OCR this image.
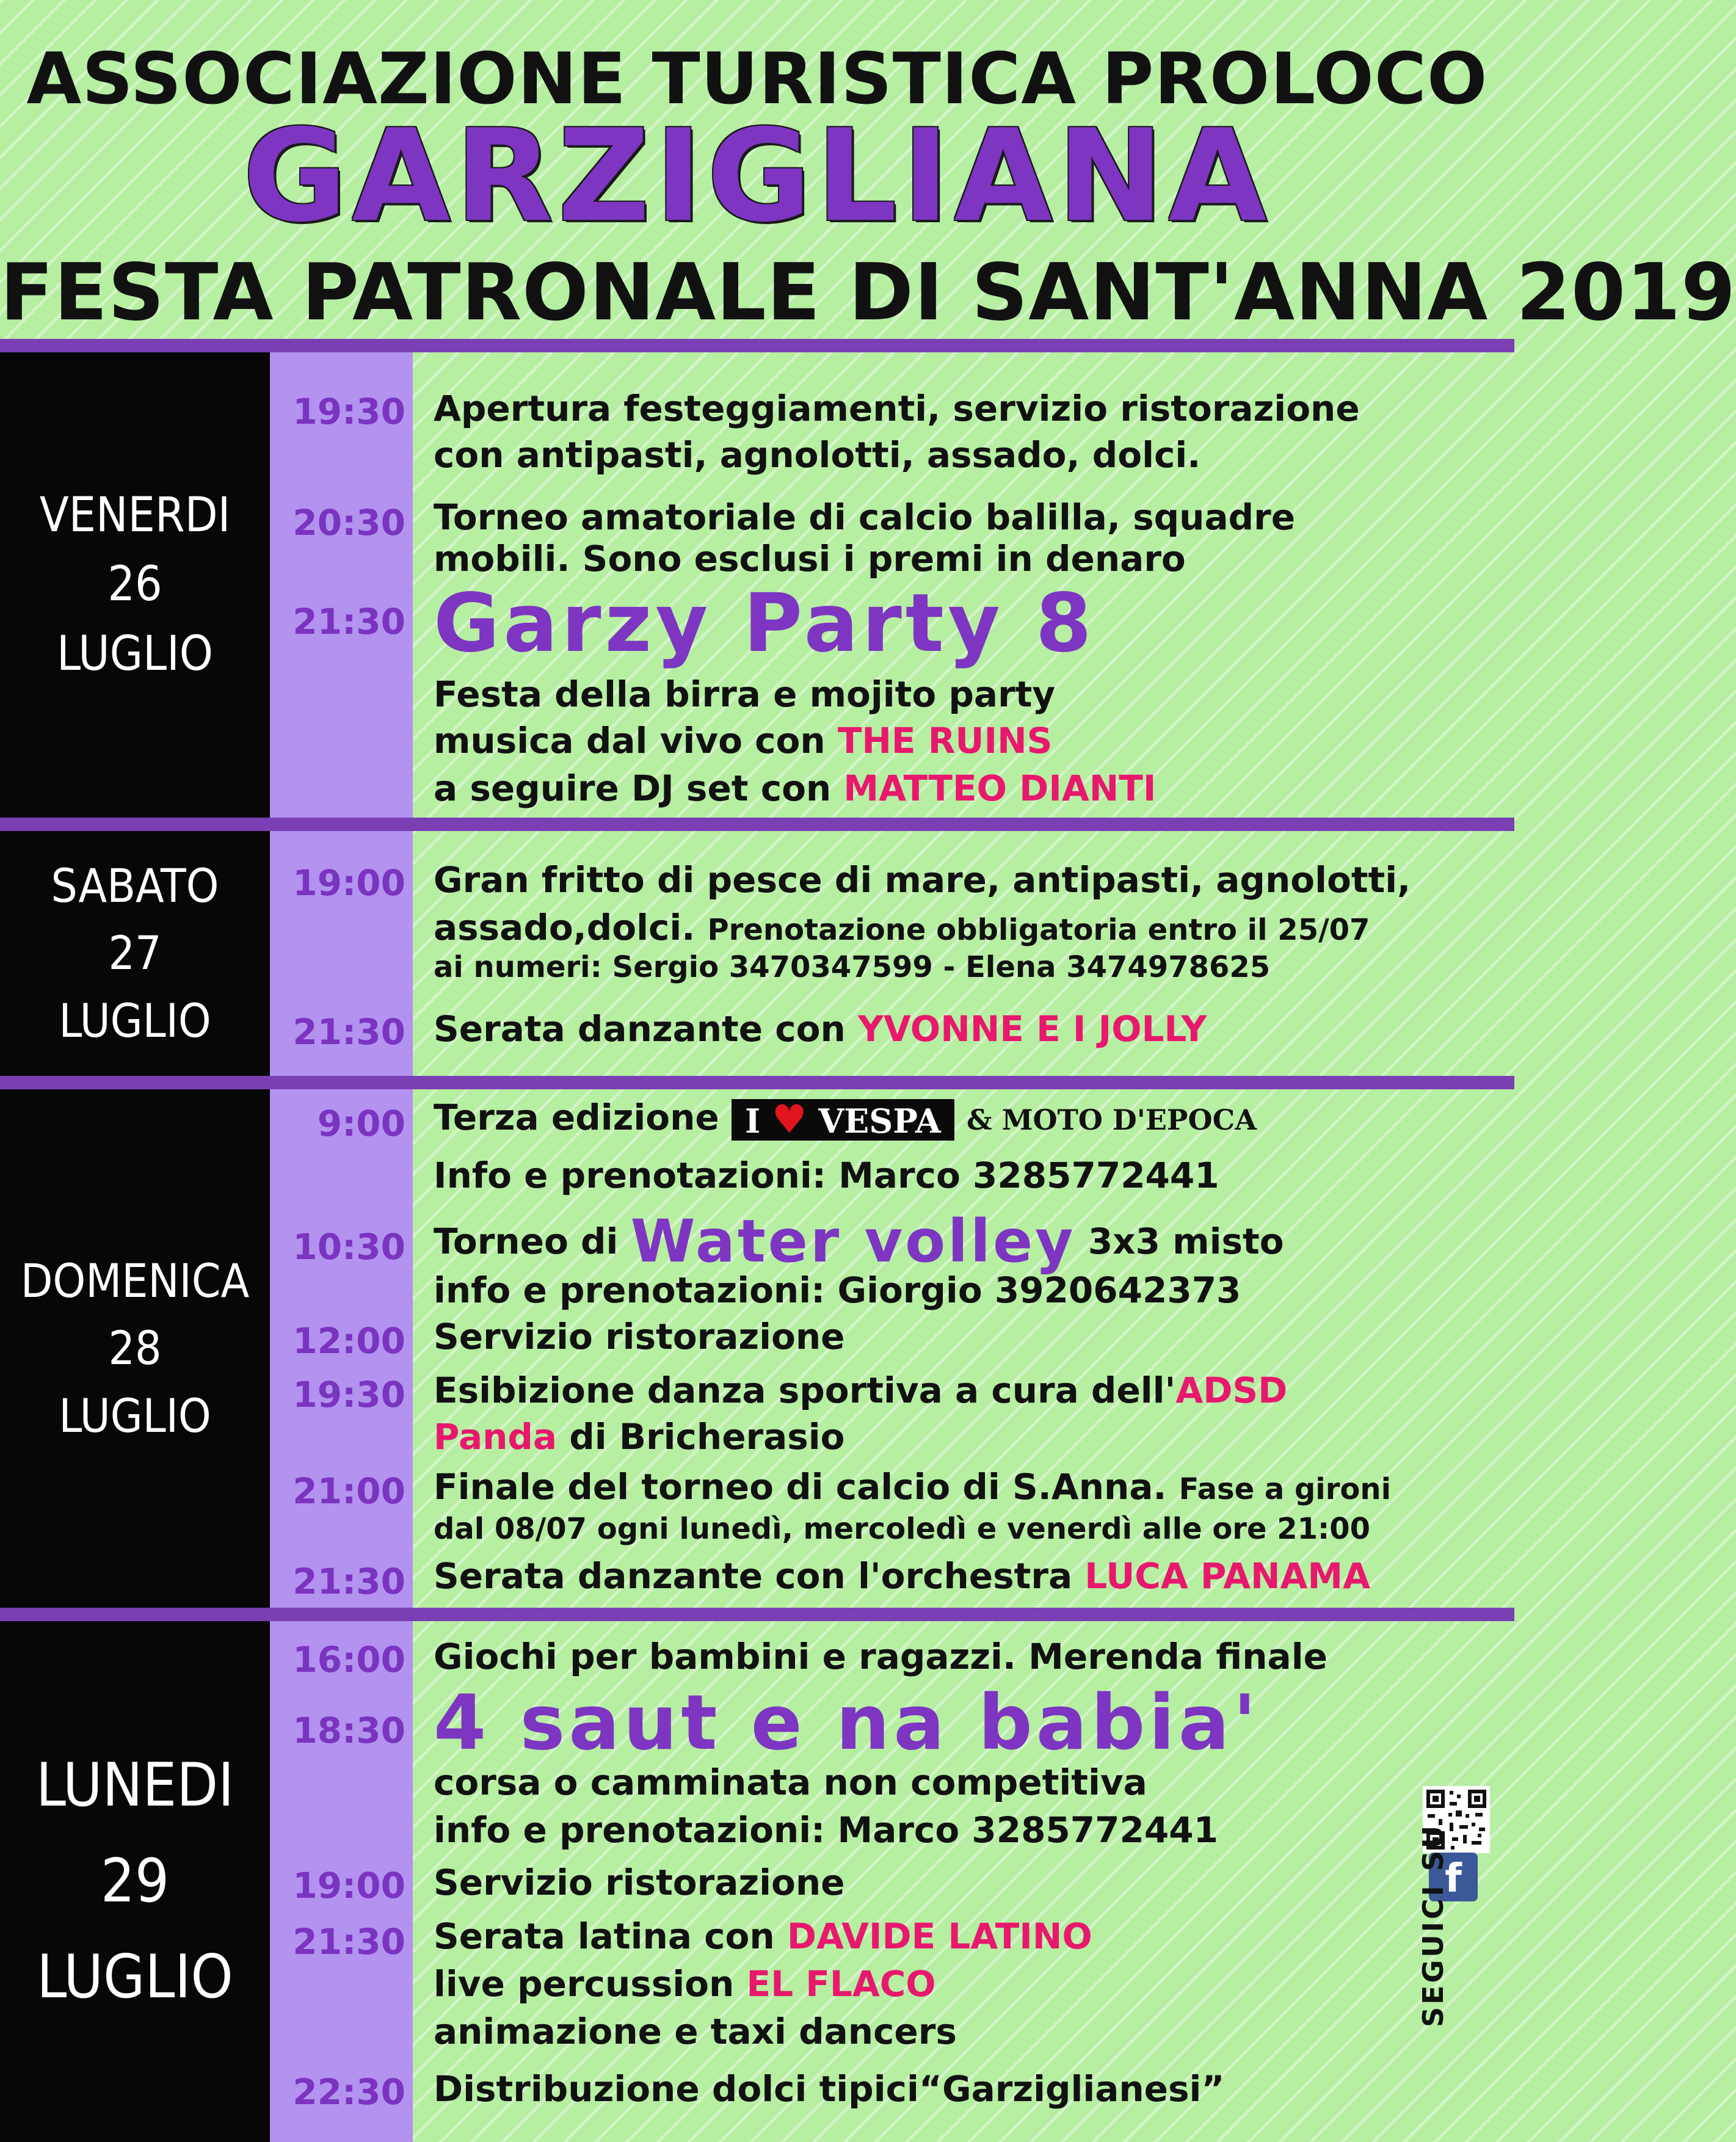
ASSOCIAZIONE TURISTICA PROLOCO
GARZIGLIANA
FESTA PATRONALE DI SANT'ANNA 2019
VENERDI
26
LUGLIO
SABATO
27
LUGLIO
DOMENICA
28
LUGLIO
LUNEDI
29
LUGLIO
19:30 Apertura festeggiamenti, servizio ristorazione
con antipasti, agnolotti, assado, dolci.
20:30 Torneo amatoriale di calcio balilla, squadre
mobili. Sono esclusi i premi in denaro
21:30 Garzy Party 8
Festa della birra e mojito party
musica dal vivo con THE RUINS
a seguire DJ set con MATTEO DIANTI
19:00 Gran fritto di pesce di mare, antipasti, agnolotti,
assado,dolci. Prenotazione obbligatoria entro il 25/07
ai numeri: Sergio 3470347599 - Elena 3474978625
21:30 Serata danzante con YVONNE E I JOLLY
9:00 Terza edizione I ♥ VESPA & MOTO D'EPOCA
Info e prenotazioni: Marco 3285772441
10:30 Torneo di Water volley 3x3 misto
info e prenotazioni: Giorgio 3920642373
12:00 Servizio ristorazione
19:30 Esibizione danza sportiva a cura dell'ADSD
Panda di Bricherasio
21:00 Finale del torneo di calcio di S.Anna. Fase a gironi
dal 08/07 ogni lunedì, mercoledì e venerdì alle ore 21:00
21:30 Serata danzante con l'orchestra LUCA PANAMA
16:00 Giochi per bambini e ragazzi. Merenda finale
18:30 4 saut e na babia'
corsa o camminata non competitiva
info e prenotazioni: Marco 3285772441
19:00 Servizio ristorazione
21:30 Serata latina con DAVIDE LATINO
live percussion EL FLACO
animazione e taxi dancers
22:30 Distribuzione dolci tipici“Garziglianesi”
f
SEGUICI SU
